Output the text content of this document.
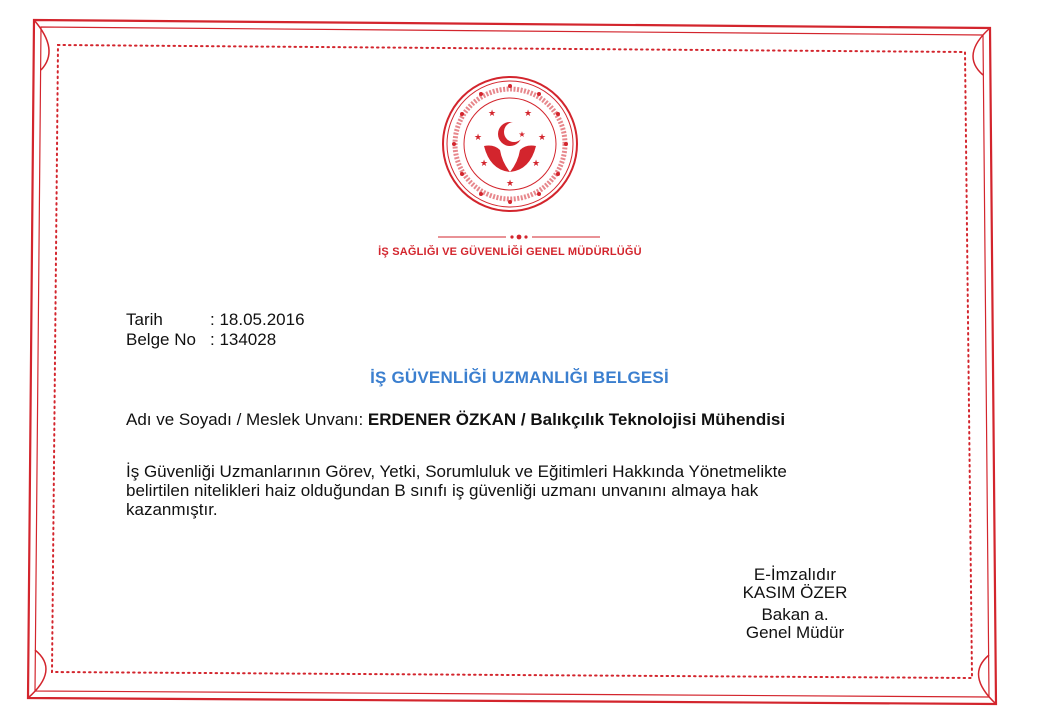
★	★
★	★
★	★
★
★
İŞ SAĞLIĞI VE GÜVENLİĞİ GENEL MÜDÜRLÜĞÜ
Tarih	: 18.05.2016
Belge No : 134028
İŞ GÜVENLİĞİ UZMANLIĞI BELGESİ
Adı ve Soyadı / Meslek Unvanı: ERDENER ÖZKAN / Balıkçılık Teknolojisi Mühendisi
İş Güvenliği Uzmanlarının Görev, Yetki, Sorumluluk ve Eğitimleri Hakkında Yönetmelikte
belirtilen nitelikleri haiz olduğundan B sınıfı iş güvenliği uzmanı unvanını almaya hak
kazanmıştır.
E-İmzalıdır
KASIM ÖZER
Bakan a.
Genel Müdür
